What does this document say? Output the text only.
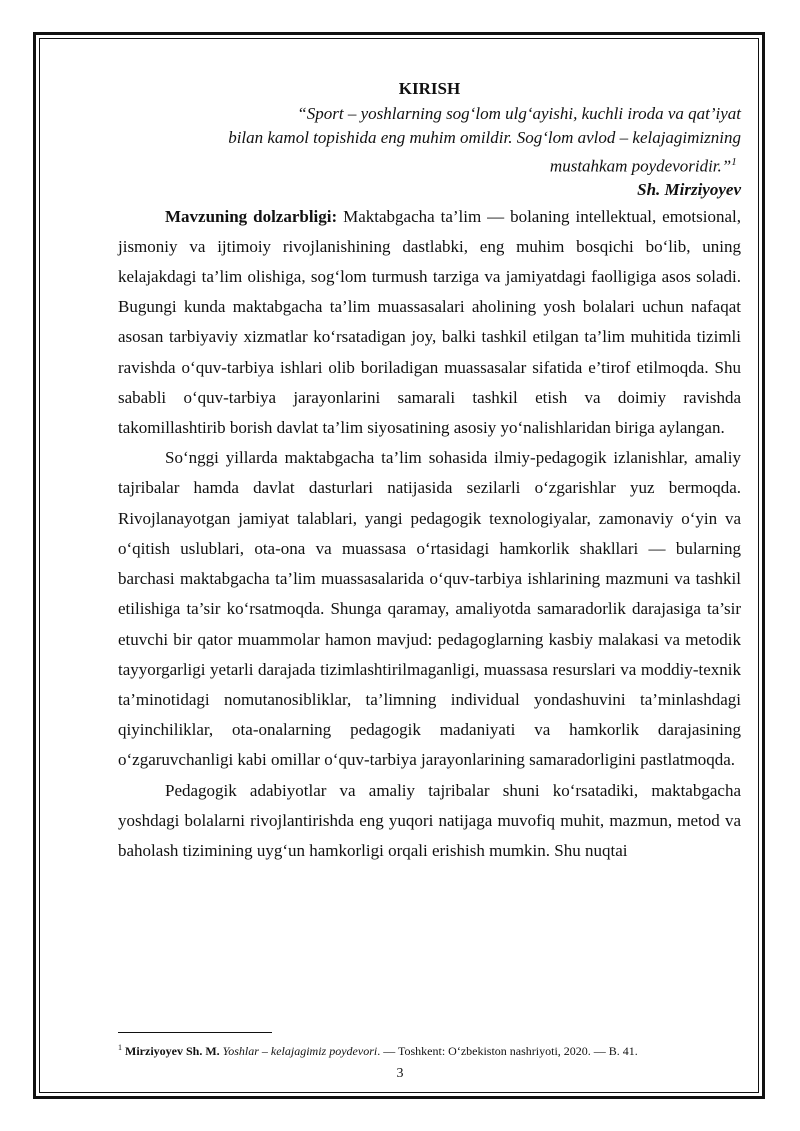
KIRISH
“Sport – yoshlarning sog‘lom ulg‘ayishi, kuchli iroda va qat’iyat
bilan kamol topishida eng muhim omildir. Sog‘lom avlod – kelajagimizning
mustahkam poydevoridir.”$^1$
Sh. Mirziyoyev

Mavzuning dolzarbligi: Maktabgacha ta’lim — bolaning intellektual, emotsional, jismoniy va ijtimoiy rivojlanishining dastlabki, eng muhim bosqichi bo‘lib, uning kelajakdagi ta’lim olishiga, sog‘lom turmush tarziga va jamiyatdagi faolligiga asos soladi. Bugungi kunda maktabgacha ta’lim muassasalari aholining yosh bolalari uchun nafaqat asosan tarbiyaviy xizmatlar ko‘rsatadigan joy, balki tashkil etilgan ta’lim muhitida tizimli ravishda o‘quv-tarbiya ishlari olib boriladigan muassasalar sifatida e’tirof etilmoqda. Shu sababli o‘quv-tarbiya jarayonlarini samarali tashkil etish va doimiy ravishda takomillashtirib borish davlat ta’lim siyosatining asosiy yo‘nalishlaridan biriga aylangan.

So‘nggi yillarda maktabgacha ta’lim sohasida ilmiy-pedagogik izlanishlar, amaliy tajribalar hamda davlat dasturlari natijasida sezilarli o‘zgarishlar yuz bermoqda. Rivojlanayotgan jamiyat talablari, yangi pedagogik texnologiyalar, zamonaviy o‘yin va o‘qitish uslublari, ota-ona va muassasa o‘rtasidagi hamkorlik shakllari — bularning barchasi maktabgacha ta’lim muassasalarida o‘quv-tarbiya ishlarining mazmuni va tashkil etilishiga ta’sir ko‘rsatmoqda. Shunga qaramay, amaliyotda samaradorlik darajasiga ta’sir etuvchi bir qator muammolar hamon mavjud: pedagoglarning kasbiy malakasi va metodik tayyorgarligi yetarli darajada tizimlashtirilmaganligi, muassasa resurslari va moddiy-texnik ta’minotidagi nomutanosibliklar, ta’limning individual yondashuvini ta’minlashdagi qiyinchiliklar, ota-onalarning pedagogik madaniyati va hamkorlik darajasining o‘zgaruvchanligi kabi omillar o‘quv-tarbiya jarayonlarining samaradorligini pastlatmoqda.

Pedagogik adabiyotlar va amaliy tajribalar shuni ko‘rsatadiki, maktabgacha yoshdagi bolalarni rivojlantirishda eng yuqori natijaga muvofiq muhit, mazmun, metod va baholash tizimining uyg‘un hamkorligi orqali erishish mumkin. Shu nuqtai

$^1$ Mirziyoyev Sh. M. Yoshlar – kelajagimiz poydevori. — Toshkent: O‘zbekiston nashriyoti, 2020. — B. 41.
3
